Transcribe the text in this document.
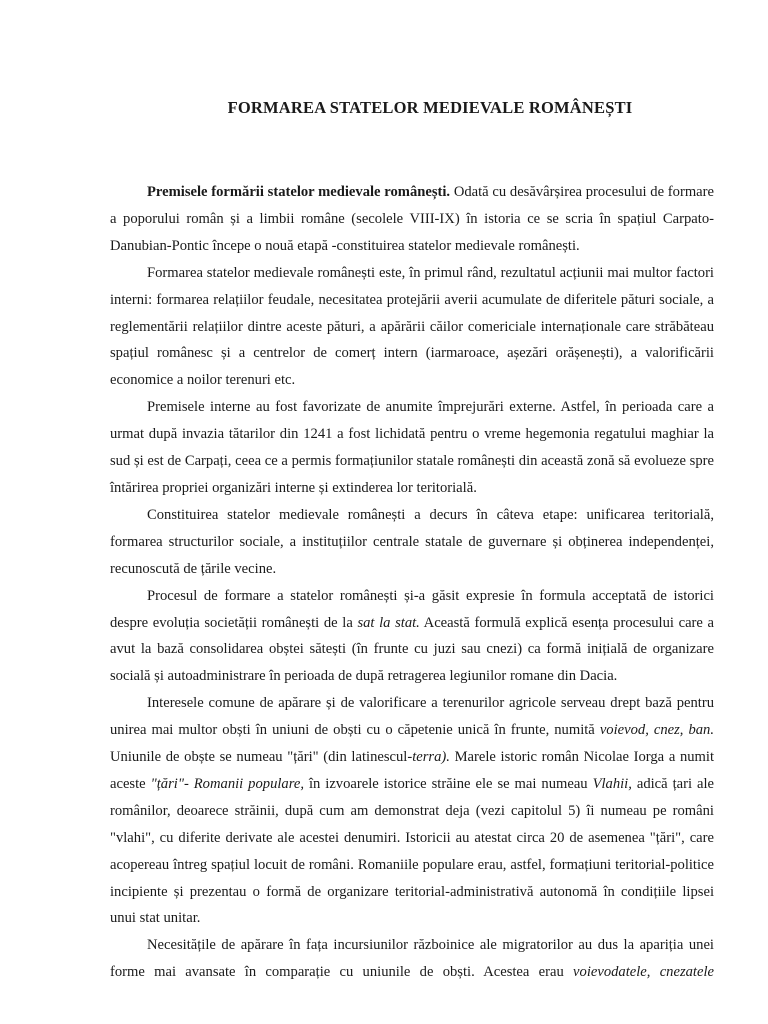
FORMAREA STATELOR MEDIEVALE ROMÂNEȘTI

Premisele formării statelor medievale românești. Odată cu desăvârșirea procesului de formare a poporului român și a limbii române (secolele VIII-IX) în istoria ce se scria în spațiul Carpato-Danubian-Pontic începe o nouă etapă -constituirea statelor medievale românești.

Formarea statelor medievale românești este, în primul rând, rezultatul acțiunii mai multor factori interni: formarea relațiilor feudale, necesitatea protejării averii acumulate de diferitele pături sociale, a reglementării relațiilor dintre aceste pături, a apărării căilor comericiale internaționale care străbăteau spațiul românesc și a centrelor de comerț intern (iarmaroace, așezări orășenești), a valorificării economice a noilor terenuri etc.

Premisele interne au fost favorizate de anumite împrejurări externe. Astfel, în perioada care a urmat după invazia tătarilor din 1241 a fost lichidată pentru o vreme hegemonia regatului maghiar la sud și est de Carpați, ceea ce a permis formațiunilor statale românești din această zonă să evolueze spre întărirea propriei organizări interne și extinderea lor teritorială.

Constituirea statelor medievale românești a decurs în câteva etape: unificarea teritorială, formarea structurilor sociale, a instituțiilor centrale statale de guvernare și obținerea independenței, recunoscută de țările vecine.

Procesul de formare a statelor românești și-a găsit expresie în formula acceptată de istorici despre evoluția societății românești de la sat la stat. Această formulă explică esența procesului care a avut la bază consolidarea obștei sătești (în frunte cu juzi sau cnezi) ca formă inițială de organizare socială și autoadministrare în perioada de după retragerea legiunilor romane din Dacia.

Interesele comune de apărare și de valorificare a terenurilor agricole serveau drept bază pentru unirea mai multor obști în uniuni de obști cu o căpetenie unică în frunte, numită voievod, cnez, ban. Uniunile de obște se numeau "țări" (din latinescul-terra). Marele istoric român Nicolae Iorga a numit aceste "țări"- Romanii populare, în izvoarele istorice străine ele se mai numeau Vlahii, adică țari ale românilor, deoarece străinii, după cum am demonstrat deja (vezi capitolul 5) îi numeau pe români "vlahi", cu diferite derivate ale acestei denumiri. Istoricii au atestat circa 20 de asemenea "țări", care acopereau întreg spațiul locuit de români. Romaniile populare erau, astfel, formațiuni teritorial-politice incipiente și prezentau o formă de organizare teritorial-administrativă autonomă în condițiile lipsei unui stat unitar.

Necesitățile de apărare în fața incursiunilor războinice ale migratorilor au dus la apariția unei forme mai avansate în comparație cu uniunile de obști. Acestea erau voievodatele, cnezatele
